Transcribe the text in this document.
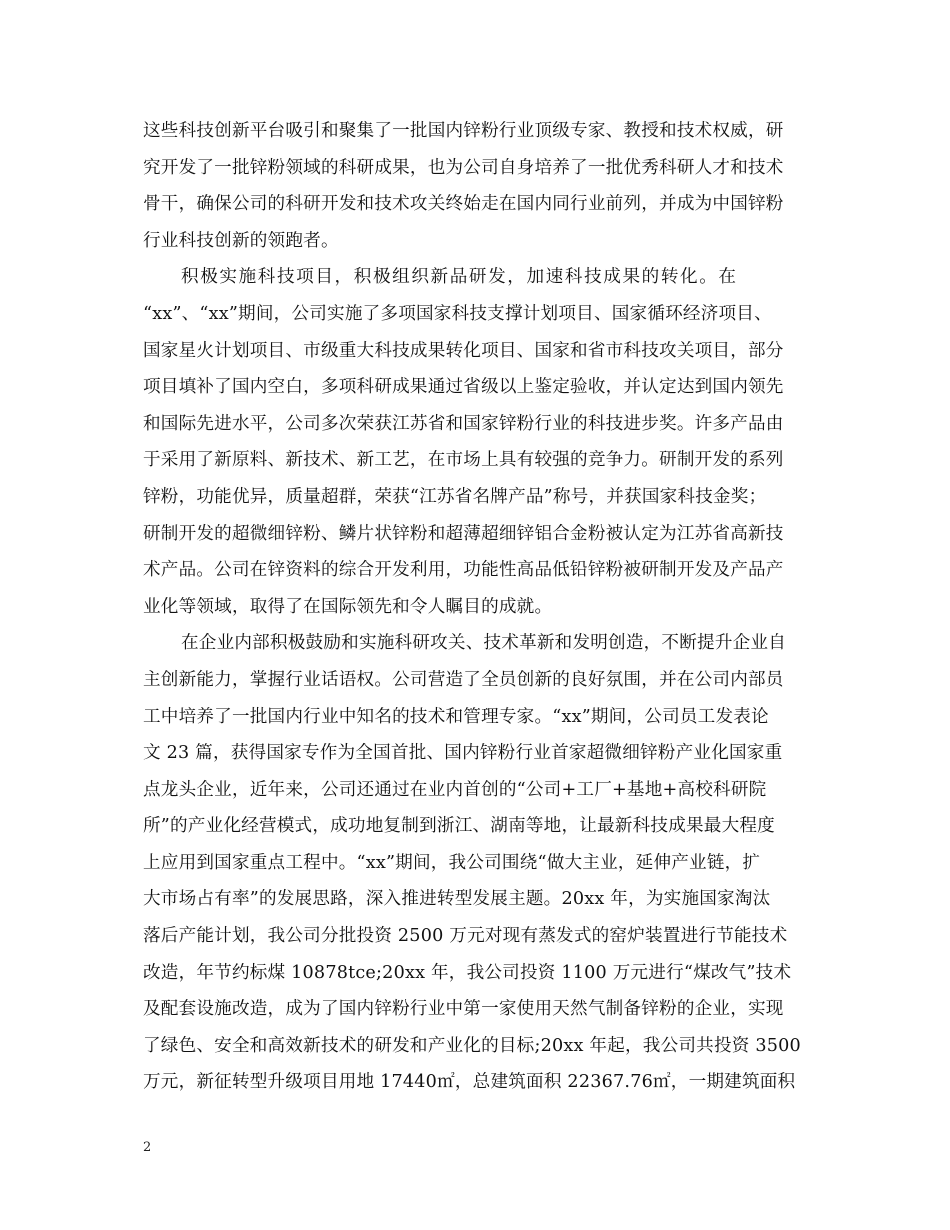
这些科技创新平台吸引和聚集了一批国内锌粉行业顶级专家、教授和技术权威，研
究开发了一批锌粉领域的科研成果，也为公司自身培养了一批优秀科研人才和技术
骨干，确保公司的科研开发和技术攻关终始走在国内同行业前列，并成为中国锌粉
行业科技创新的领跑者。
积极实施科技项目，积极组织新品研发，加速科技成果的转化。在
“xx”、“xx”期间，公司实施了多项国家科技支撑计划项目、国家循环经济项目、
国家星火计划项目、市级重大科技成果转化项目、国家和省市科技攻关项目，部分
项目填补了国内空白，多项科研成果通过省级以上鉴定验收，并认定达到国内领先
和国际先进水平，公司多次荣获江苏省和国家锌粉行业的科技进步奖。许多产品由
于采用了新原料、新技术、新工艺，在市场上具有较强的竞争力。研制开发的系列
锌粉，功能优异，质量超群，荣获“江苏省名牌产品”称号，并获国家科技金奖；
研制开发的超微细锌粉、鳞片状锌粉和超薄超细锌铝合金粉被认定为江苏省高新技
术产品。公司在锌资料的综合开发利用，功能性高品低铅锌粉被研制开发及产品产
业化等领域，取得了在国际领先和令人瞩目的成就。
在企业内部积极鼓励和实施科研攻关、技术革新和发明创造，不断提升企业自
主创新能力，掌握行业话语权。公司营造了全员创新的良好氛围，并在公司内部员
工中培养了一批国内行业中知名的技术和管理专家。“xx”期间，公司员工发表论
文 23 篇，获得国家专作为全国首批、国内锌粉行业首家超微细锌粉产业化国家重
点龙头企业，近年来，公司还通过在业内首创的“公司+工厂+基地+高校科研院
所”的产业化经营模式，成功地复制到浙江、湖南等地，让最新科技成果最大程度
上应用到国家重点工程中。“xx”期间，我公司围绕“做大主业，延伸产业链，扩
大市场占有率”的发展思路，深入推进转型发展主题。20xx 年，为实施国家淘汰
落后产能计划，我公司分批投资 2500 万元对现有蒸发式的窑炉装置进行节能技术
改造，年节约标煤 10878tce;20xx 年，我公司投资 1100 万元进行“煤改气”技术
及配套设施改造，成为了国内锌粉行业中第一家使用天然气制备锌粉的企业，实现
了绿色、安全和高效新技术的研发和产业化的目标;20xx 年起，我公司共投资 3500
万元，新征转型升级项目用地 17440㎡，总建筑面积 22367.76㎡，一期建筑面积
2
